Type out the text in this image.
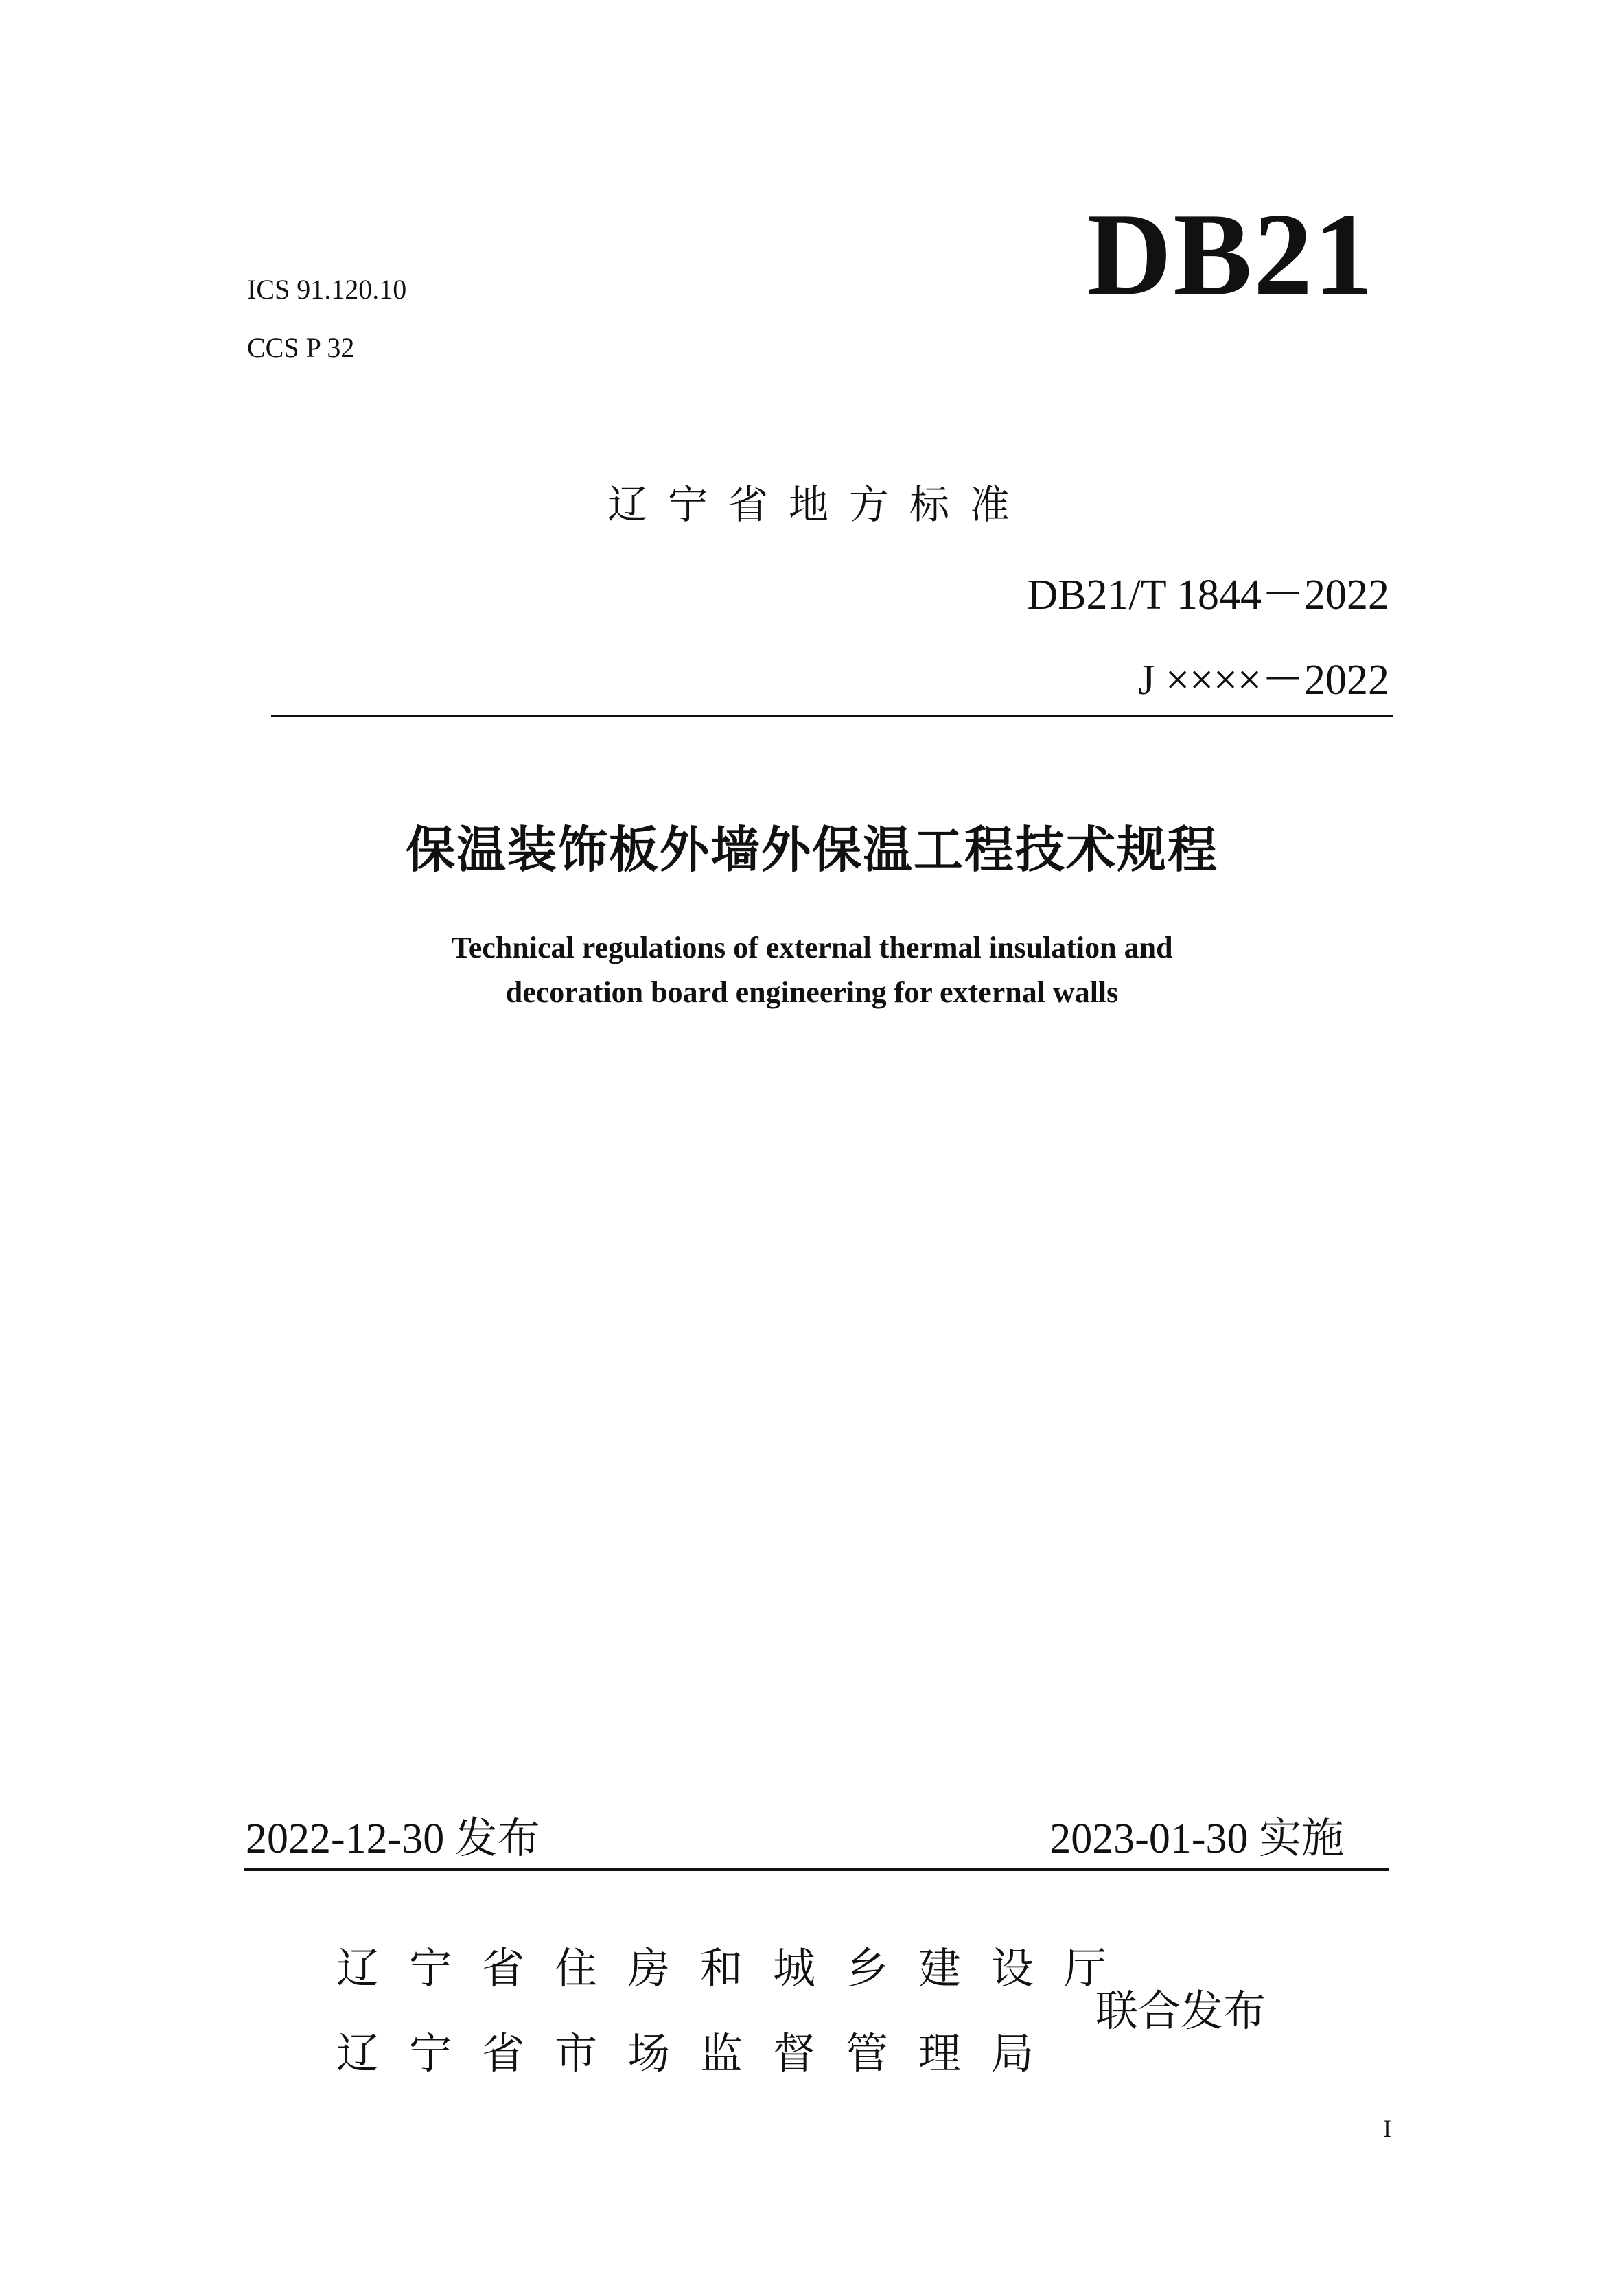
ICS 91.120.10
CCS P 32
DB21
辽宁省地方标准
DB21/T 1844－2022
J ××××－2022
保温装饰板外墙外保温工程技术规程
Technical regulations of external thermal insulation and
decoration board engineering for external walls
2022-12-30 发布	2023-01-30 实施
辽宁省住房和城乡建设厅
辽宁省市场监督管理局
联合发布
I
